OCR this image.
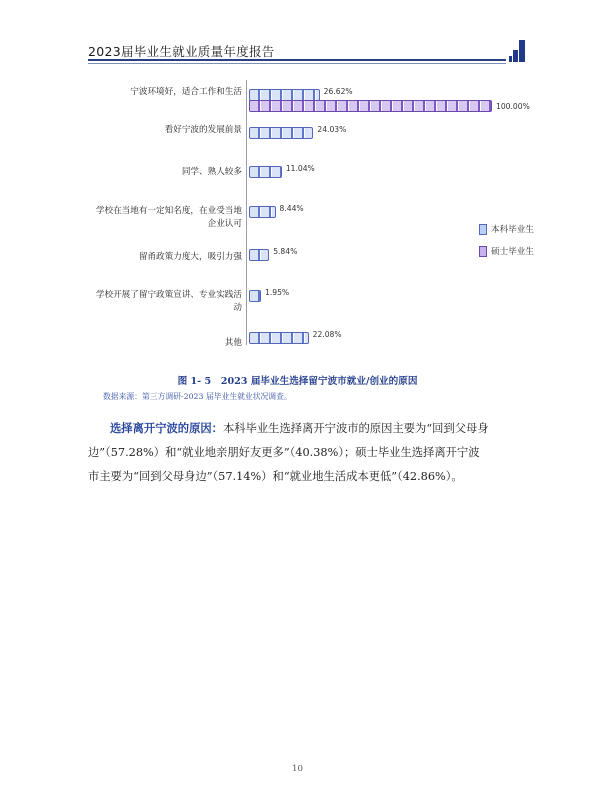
2023届毕业生就业质量年度报告
宁波环境好，适合工作和生活	26.62%
100.00%
看好宁波的发展前景	24.03%
同学、熟人较多	11.04%
学校在当地有一定知名度，在业受当地
企业认可
8.44%
留甬政策力度大，吸引力强
5.84%
学校开展了留宁政策宣讲、专业实践活
动
1.95%
其他
22.08%
本科毕业生
硕士毕业生
图 1- 5　2023 届毕业生选择留宁波市就业/创业的原因
数据来源：第三方调研-2023 届毕业生就业状况调查。
选择离开宁波的原因：本科毕业生选择离开宁波市的原因主要为“回到父母身
边”（57.28%）和“就业地亲朋好友更多”（40.38%）；硕士毕业生选择离开宁波
市主要为“回到父母身边”（57.14%）和“就业地生活成本更低”（42.86%）。
10
